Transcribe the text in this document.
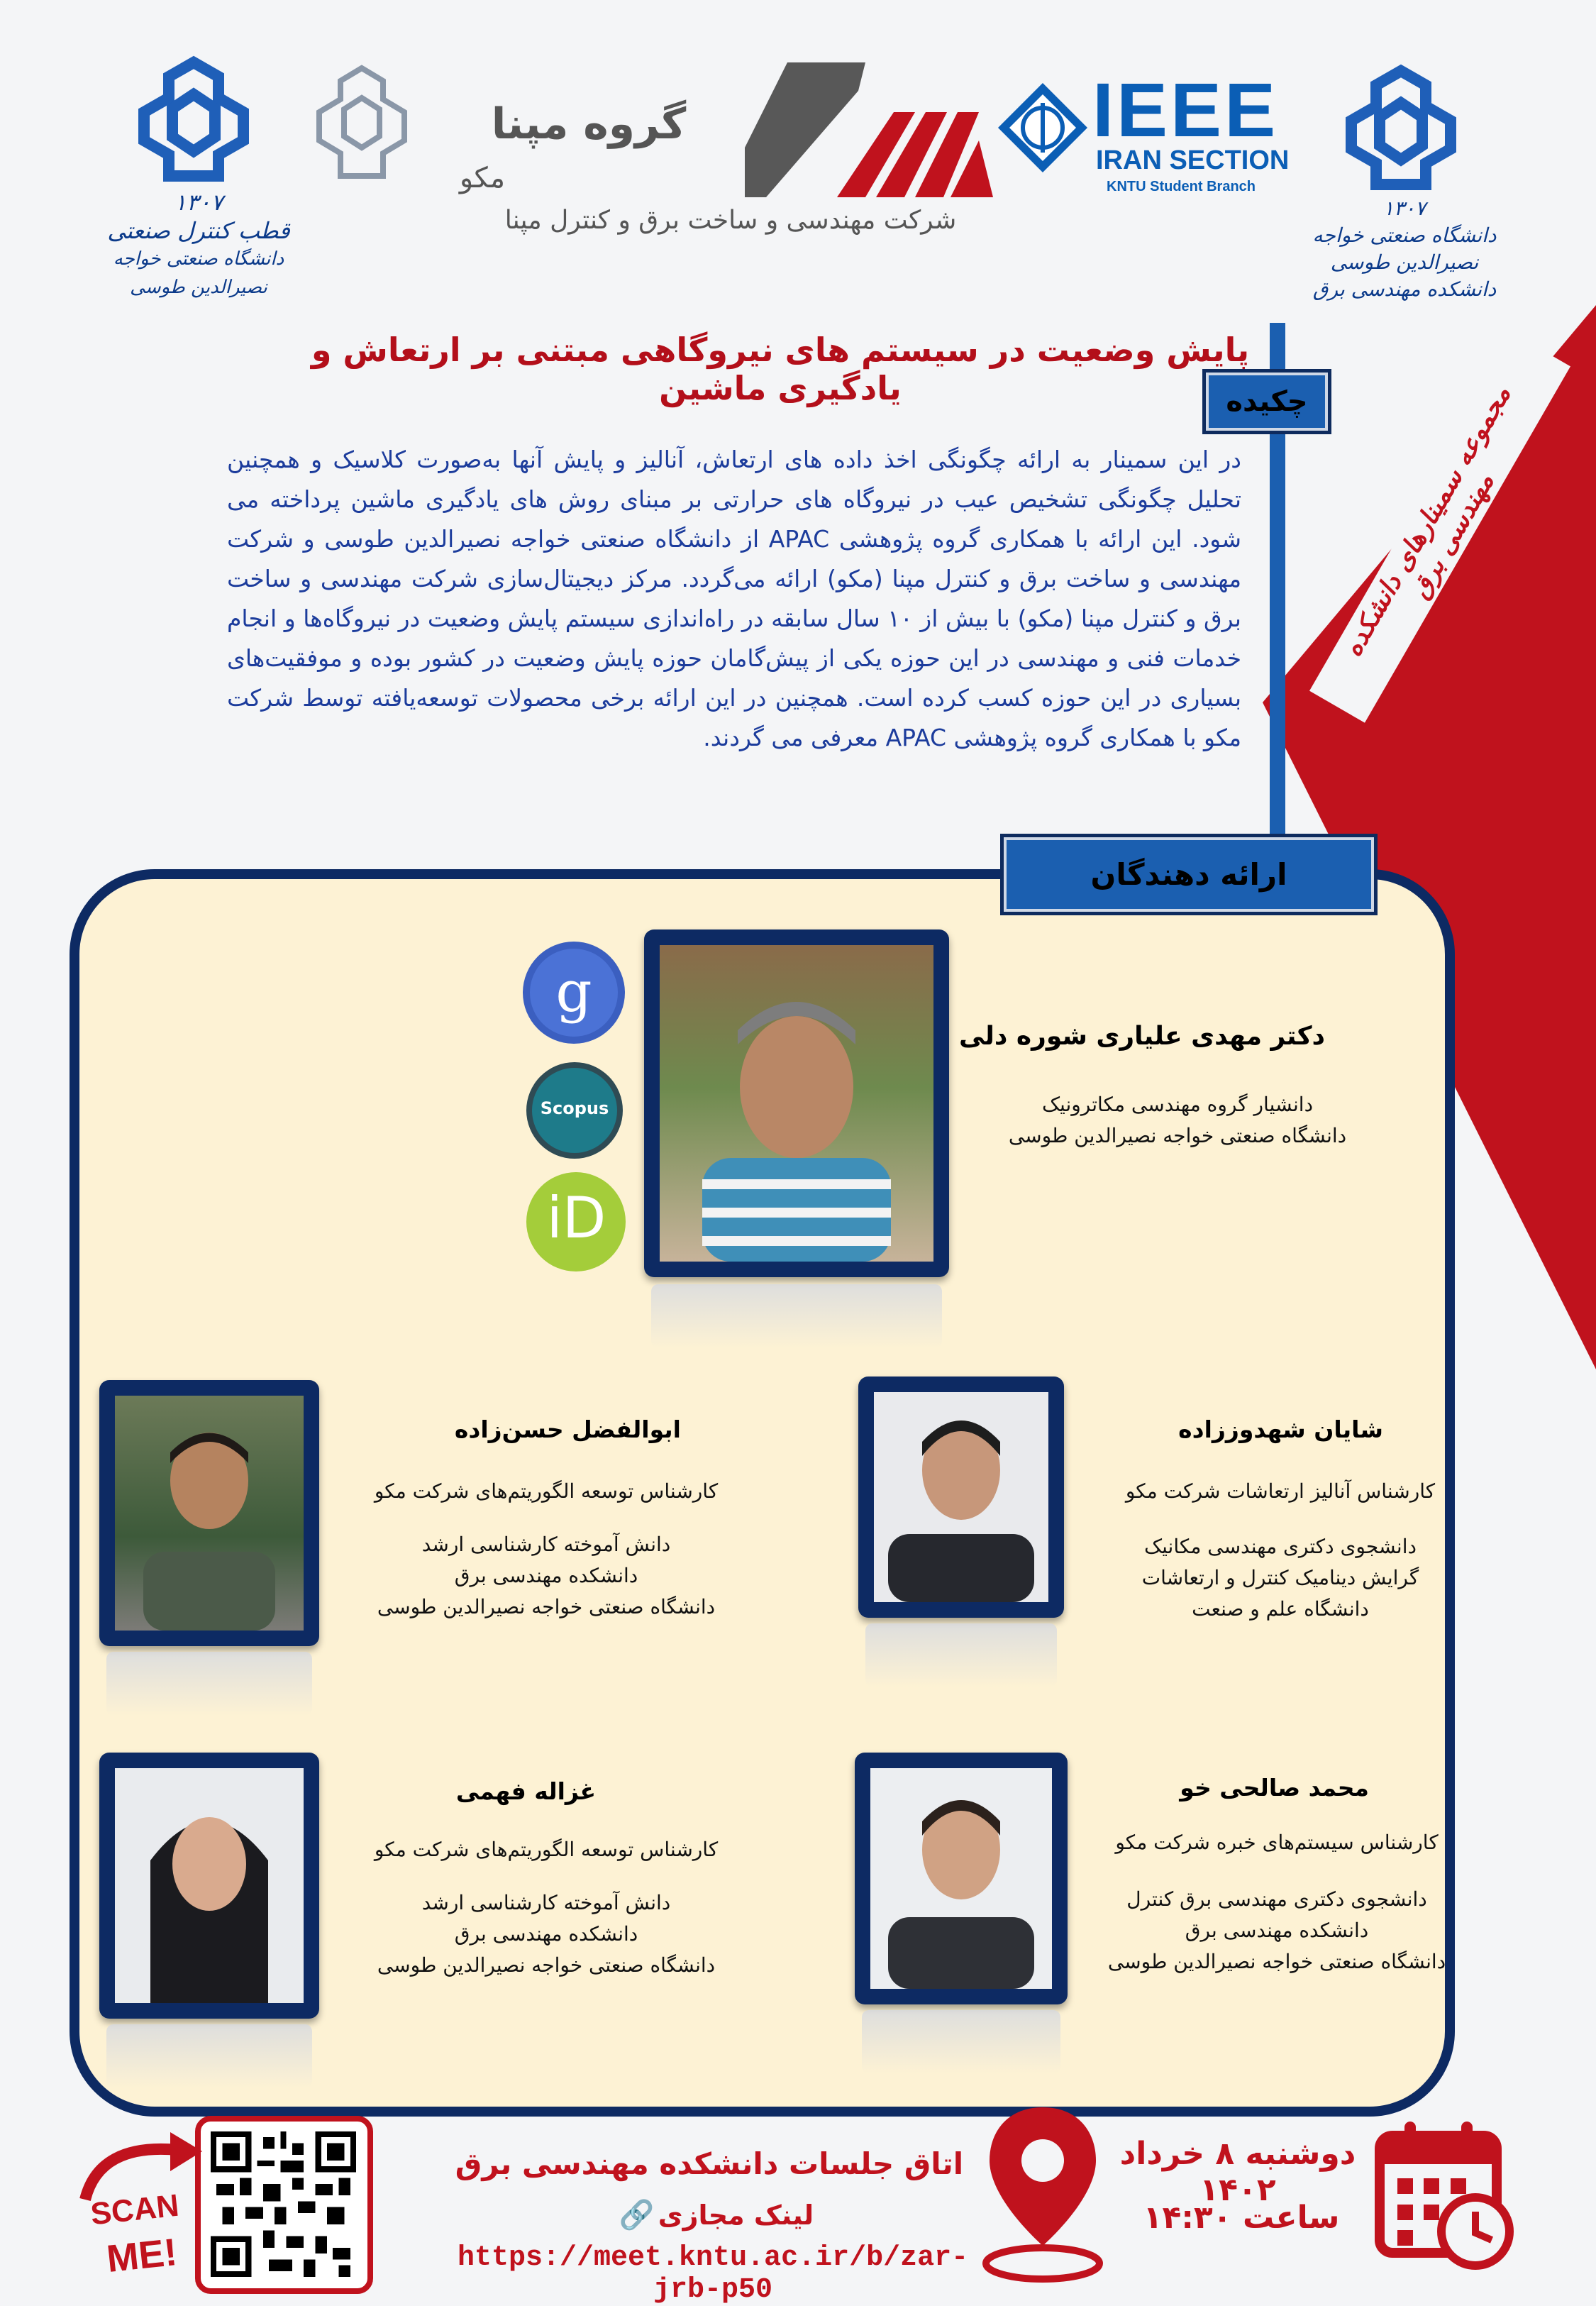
مجموعه سمینارهای دانشکده مهندسی برق
۱۳۰۷
قطب کنترل صنعتی
دانشگاه صنعتی خواجه نصیرالدین طوسی
گروه مپنا
مکو
شرکت مهندسی و ساخت برق و کنترل مپنا
IEEE
IRAN SECTION
KNTU Student Branch
۱۳۰۷
دانشگاه صنعتی خواجه نصیرالدین طوسی
دانشکده مهندسی برق
پایش وضعیت در سیستم های نیروگاهی مبتنی بر ارتعاش و یادگیری ماشین	چکیده
در این سمینار به ارائه چگونگی اخذ داده های ارتعاش، آنالیز و پایش آنها به‌صورت کلاسیک و همچنین تحلیل چگونگی تشخیص عیب در نیروگاه های حرارتی بر مبنای روش های یادگیری ماشین پرداخته می شود. این ارائه با همکاری گروه پژوهشی APAC از دانشگاه صنعتی خواجه نصیرالدین طوسی و شرکت مهندسی و ساخت برق و کنترل مپنا (مکو) ارائه می‌گردد. مرکز دیجیتال‌سازی شرکت مهندسی و ساخت برق و کنترل مپنا (مکو) با بیش از ۱۰ سال سابقه در راه‌اندازی سیستم پایش وضعیت در نیروگاه‌ها و انجام خدمات فنی و مهندسی در این حوزه یکی از پیش‌گامان حوزه پایش وضعیت در کشور بوده و موفقیت‌های بسیاری در این حوزه کسب کرده است. همچنین در این ارائه برخی محصولات توسعه‌یافته توسط شرکت مکو با همکاری گروه پژوهشی APAC معرفی می گردند.
ارائه دهندگان
g
Scopus
iD
دکتر مهدی علیاری شوره دلی
دانشیار گروه مهندسی مکاترونیک
دانشگاه صنعتی خواجه نصیرالدین طوسی
شایان شهدوززاده
کارشناس آنالیز ارتعاشات شرکت مکو
دانشجوی دکتری مهندسی مکانیک
گرایش دینامیک کنترل و ارتعاشات
دانشگاه علم و صنعت
ابوالفضل حسن‌زاده
کارشناس توسعه الگوریتم‌های شرکت مکو
دانش آموخته کارشناسی ارشد
دانشکده مهندسی برق
دانشگاه صنعتی خواجه نصیرالدین طوسی
محمد صالحی خو
کارشناس سیستم‌های خبره شرکت مکو
دانشجوی دکتری مهندسی برق کنترل
دانشکده مهندسی برق
دانشگاه صنعتی خواجه نصیرالدین طوسی
غزاله فهمی
کارشناس توسعه الگوریتم‌های شرکت مکو
دانش آموخته کارشناسی ارشد
دانشکده مهندسی برق
دانشگاه صنعتی خواجه نصیرالدین طوسی
دوشنبه ۸ خرداد ۱۴۰۲
ساعت ۱۴:۳۰
اتاق جلسات دانشکده مهندسی برق
لینک مجازی 🔗
https://meet.kntu.ac.ir/b/zar-jrb-p50
SCAN
ME!
